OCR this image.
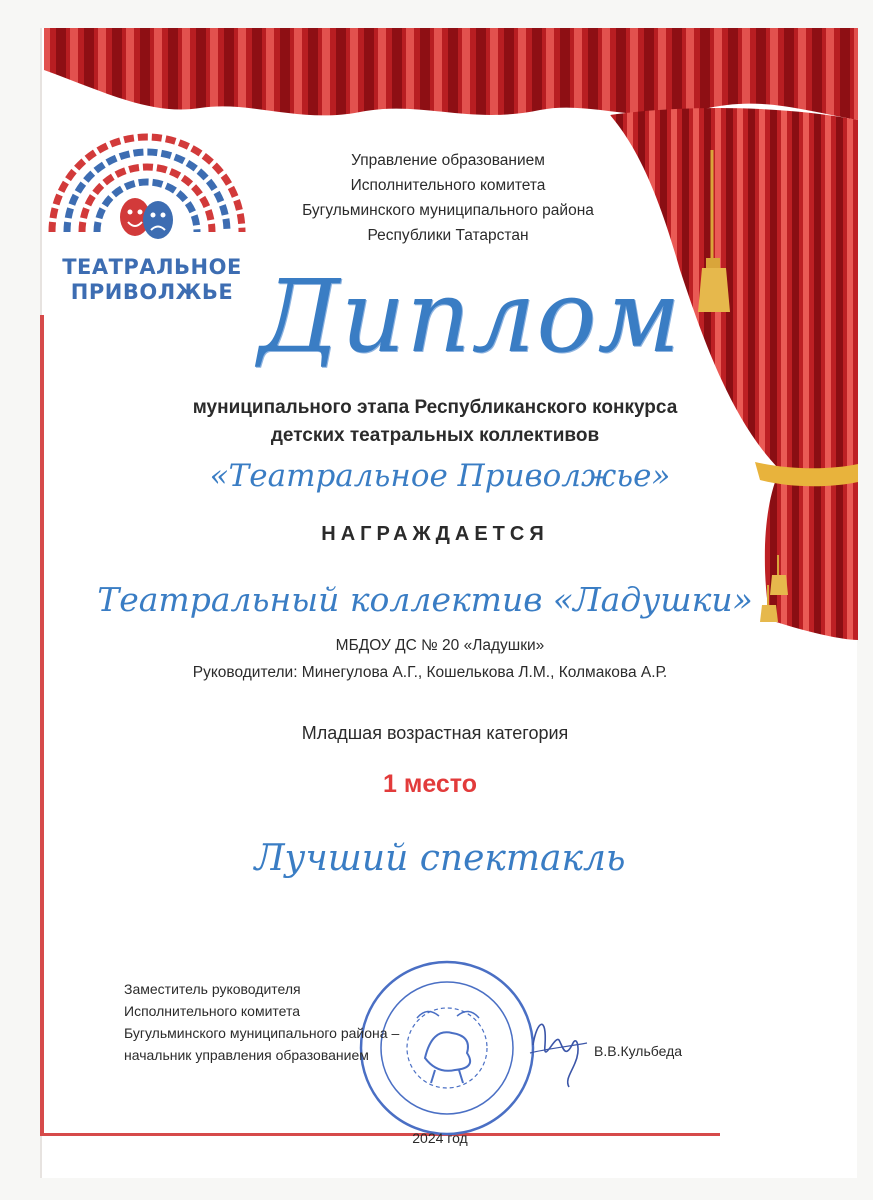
ТЕАТРАЛЬНОЕ
ПРИВОЛЖЬЕ
Управление образованием
Исполнительного комитета
Бугульминского муниципального района
Республики Татарстан
Диплом
муниципального этапа Республиканского конкурса
детских театральных коллективов
«Театральное Приволжье»
НАГРАЖДАЕТСЯ
Театральный коллектив «Ладушки»
МБДОУ ДС № 20 «Ладушки»
Руководители: Минегулова А.Г., Кошелькова Л.М., Колмакова А.Р.
Младшая возрастная категория
1 место
Лучший спектакль
Заместитель руководителя
Исполнительного комитета
Бугульминского муниципального района –
начальник управления образованием	В.В.Кульбеда
2024 год
